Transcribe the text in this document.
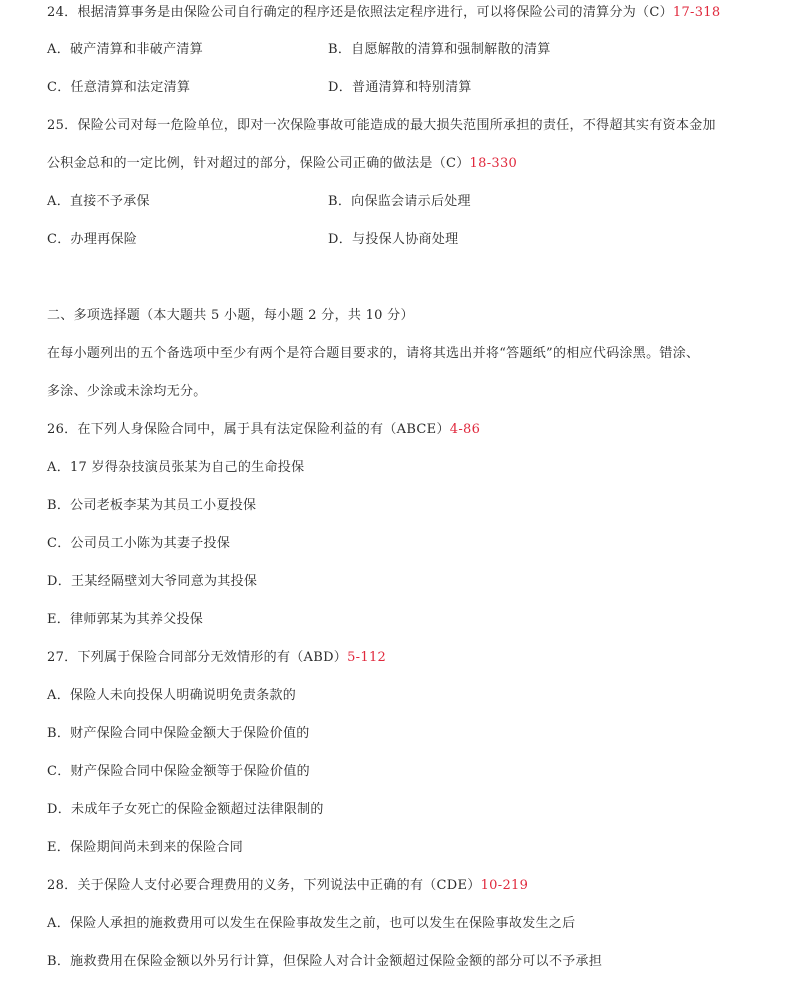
24．根据清算事务是由保险公司自行确定的程序还是依照法定程序进行，可以将保险公司的清算分为（C）17-318
A．破产清算和非破产清算	B．自愿解散的清算和强制解散的清算
C．任意清算和法定清算	D．普通清算和特别清算
25．保险公司对每一危险单位，即对一次保险事故可能造成的最大损失范围所承担的责任，不得超其实有资本金加
公积金总和的一定比例，针对超过的部分，保险公司正确的做法是（C）18-330
A．直接不予承保	B．向保监会请示后处理
C．办理再保险	D．与投保人协商处理
二、多项选择题（本大题共 5 小题，每小题 2 分，共 10 分）
在每小题列出的五个备选项中至少有两个是符合题目要求的，请将其选出并将“答题纸”的相应代码涂黑。错涂、
多涂、少涂或未涂均无分。
26．在下列人身保险合同中，属于具有法定保险利益的有（ABCE）4-86
A．17 岁得杂技演员张某为自己的生命投保
B．公司老板李某为其员工小夏投保
C．公司员工小陈为其妻子投保
D．王某经隔壁刘大爷同意为其投保
E．律师郭某为其养父投保
27．下列属于保险合同部分无效情形的有（ABD）5-112
A．保险人未向投保人明确说明免责条款的
B．财产保险合同中保险金额大于保险价值的
C．财产保险合同中保险金额等于保险价值的
D．未成年子女死亡的保险金额超过法律限制的
E．保险期间尚未到来的保险合同
28．关于保险人支付必要合理费用的义务，下列说法中正确的有（CDE）10-219
A．保险人承担的施救费用可以发生在保险事故发生之前，也可以发生在保险事故发生之后
B．施救费用在保险金额以外另行计算，但保险人对合计金额超过保险金额的部分可以不予承担
